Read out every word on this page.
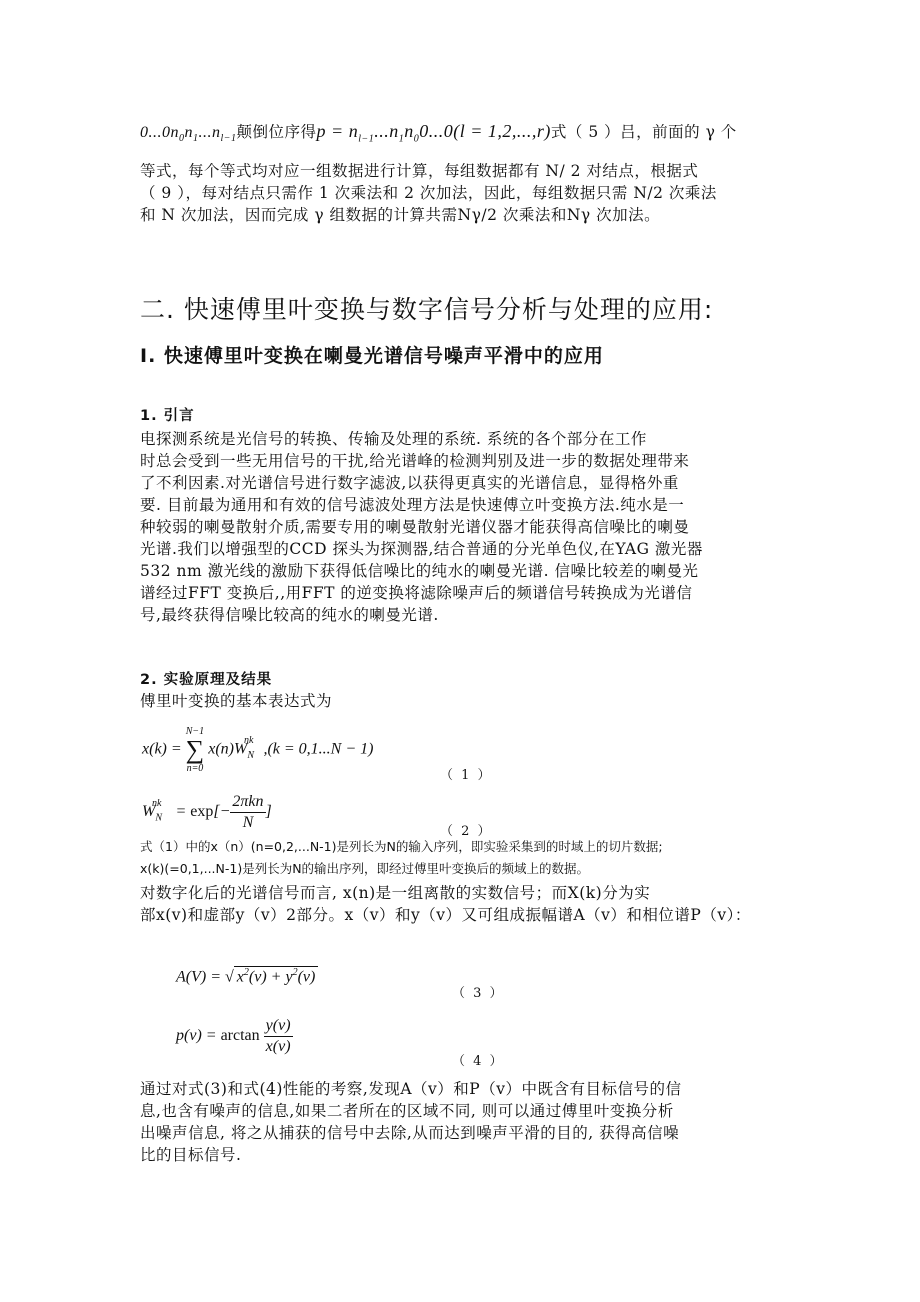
$0...0n_0n_1...n_{l-1}$颠倒位序得$p = n_{l-1}...n_1n_00...0(l = 1,2,...,r)$式（ 5 ）吕，前面的 γ 个

等式，每个等式均对应一组数据进行计算，每组数据都有 N/ 2 对结点，根据式

（ 9 ），每对结点只需作 1 次乘法和 2 次加法，因此，每组数据只需 N/2 次乘法

和 N 次加法，因而完成 γ 组数据的计算共需Nγ/2 次乘法和Nγ 次加法。

二. 快速傅里叶变换与数字信号分析与处理的应用:
Ⅰ. 快速傅里叶变换在喇曼光谱信号噪声平滑中的应用
1. 引言

电探测系统是光信号的转换、传输及处理的系统. 系统的各个部分在工作

时总会受到一些无用信号的干扰,给光谱峰的检测判别及进一步的数据处理带来

了不利因素.对光谱信号进行数字滤波,以获得更真实的光谱信息，显得格外重

要. 目前最为通用和有效的信号滤波处理方法是快速傅立叶变换方法.纯水是一

种较弱的喇曼散射介质,需要专用的喇曼散射光谱仪器才能获得高信噪比的喇曼

光谱.我们以增强型的CCD 探头为探测器,结合普通的分光单色仪,在YAG 激光器

532 nm 激光线的激励下获得低信噪比的纯水的喇曼光谱. 信噪比较差的喇曼光

谱经过FFT 变换后,,用FFT 的逆变换将滤除噪声后的频谱信号转换成为光谱信

号,最终获得信噪比较高的纯水的喇曼光谱.

2. 实验原理及结果
傅里叶变换的基本表达式为
x(k) =
N−1
∑
n=0
$x(n)W_N^{nk}$ ,(k = 0,1...N − 1)
（ 1 ）
$W_N^{nk} = \exp[- \frac{\text{2πkn}}{N}$ ]
（ 2 ）

式（1）中的x（n）(n=0,2,...N-1)是列长为N的输入序列，即实验采集到的时域上的切片数据;

x(k)(=0,1,...N-1)是列长为N的输出序列，即经过傅里叶变换后的频域上的数据。

对数字化后的光谱信号而言, x(n)是一组离散的实数信号；而X(k)分为实

部x(v)和虚部y（v）2部分。x（v）和y（v）又可组成振幅谱A（v）和相位谱P（v）：

A(V) = √ $x^2(v) + y^2(v)$
（ 3 ）
$p(v) = \arctan \frac{y(v)}{x(v)}$
（ 4 ）

通过对式(3)和式(4)性能的考察,发现A（v）和P（v）中既含有目标信号的信

息,也含有噪声的信息,如果二者所在的区域不同, 则可以通过傅里叶变换分析

出噪声信息, 将之从捕获的信号中去除,从而达到噪声平滑的目的, 获得高信噪

比的目标信号.
